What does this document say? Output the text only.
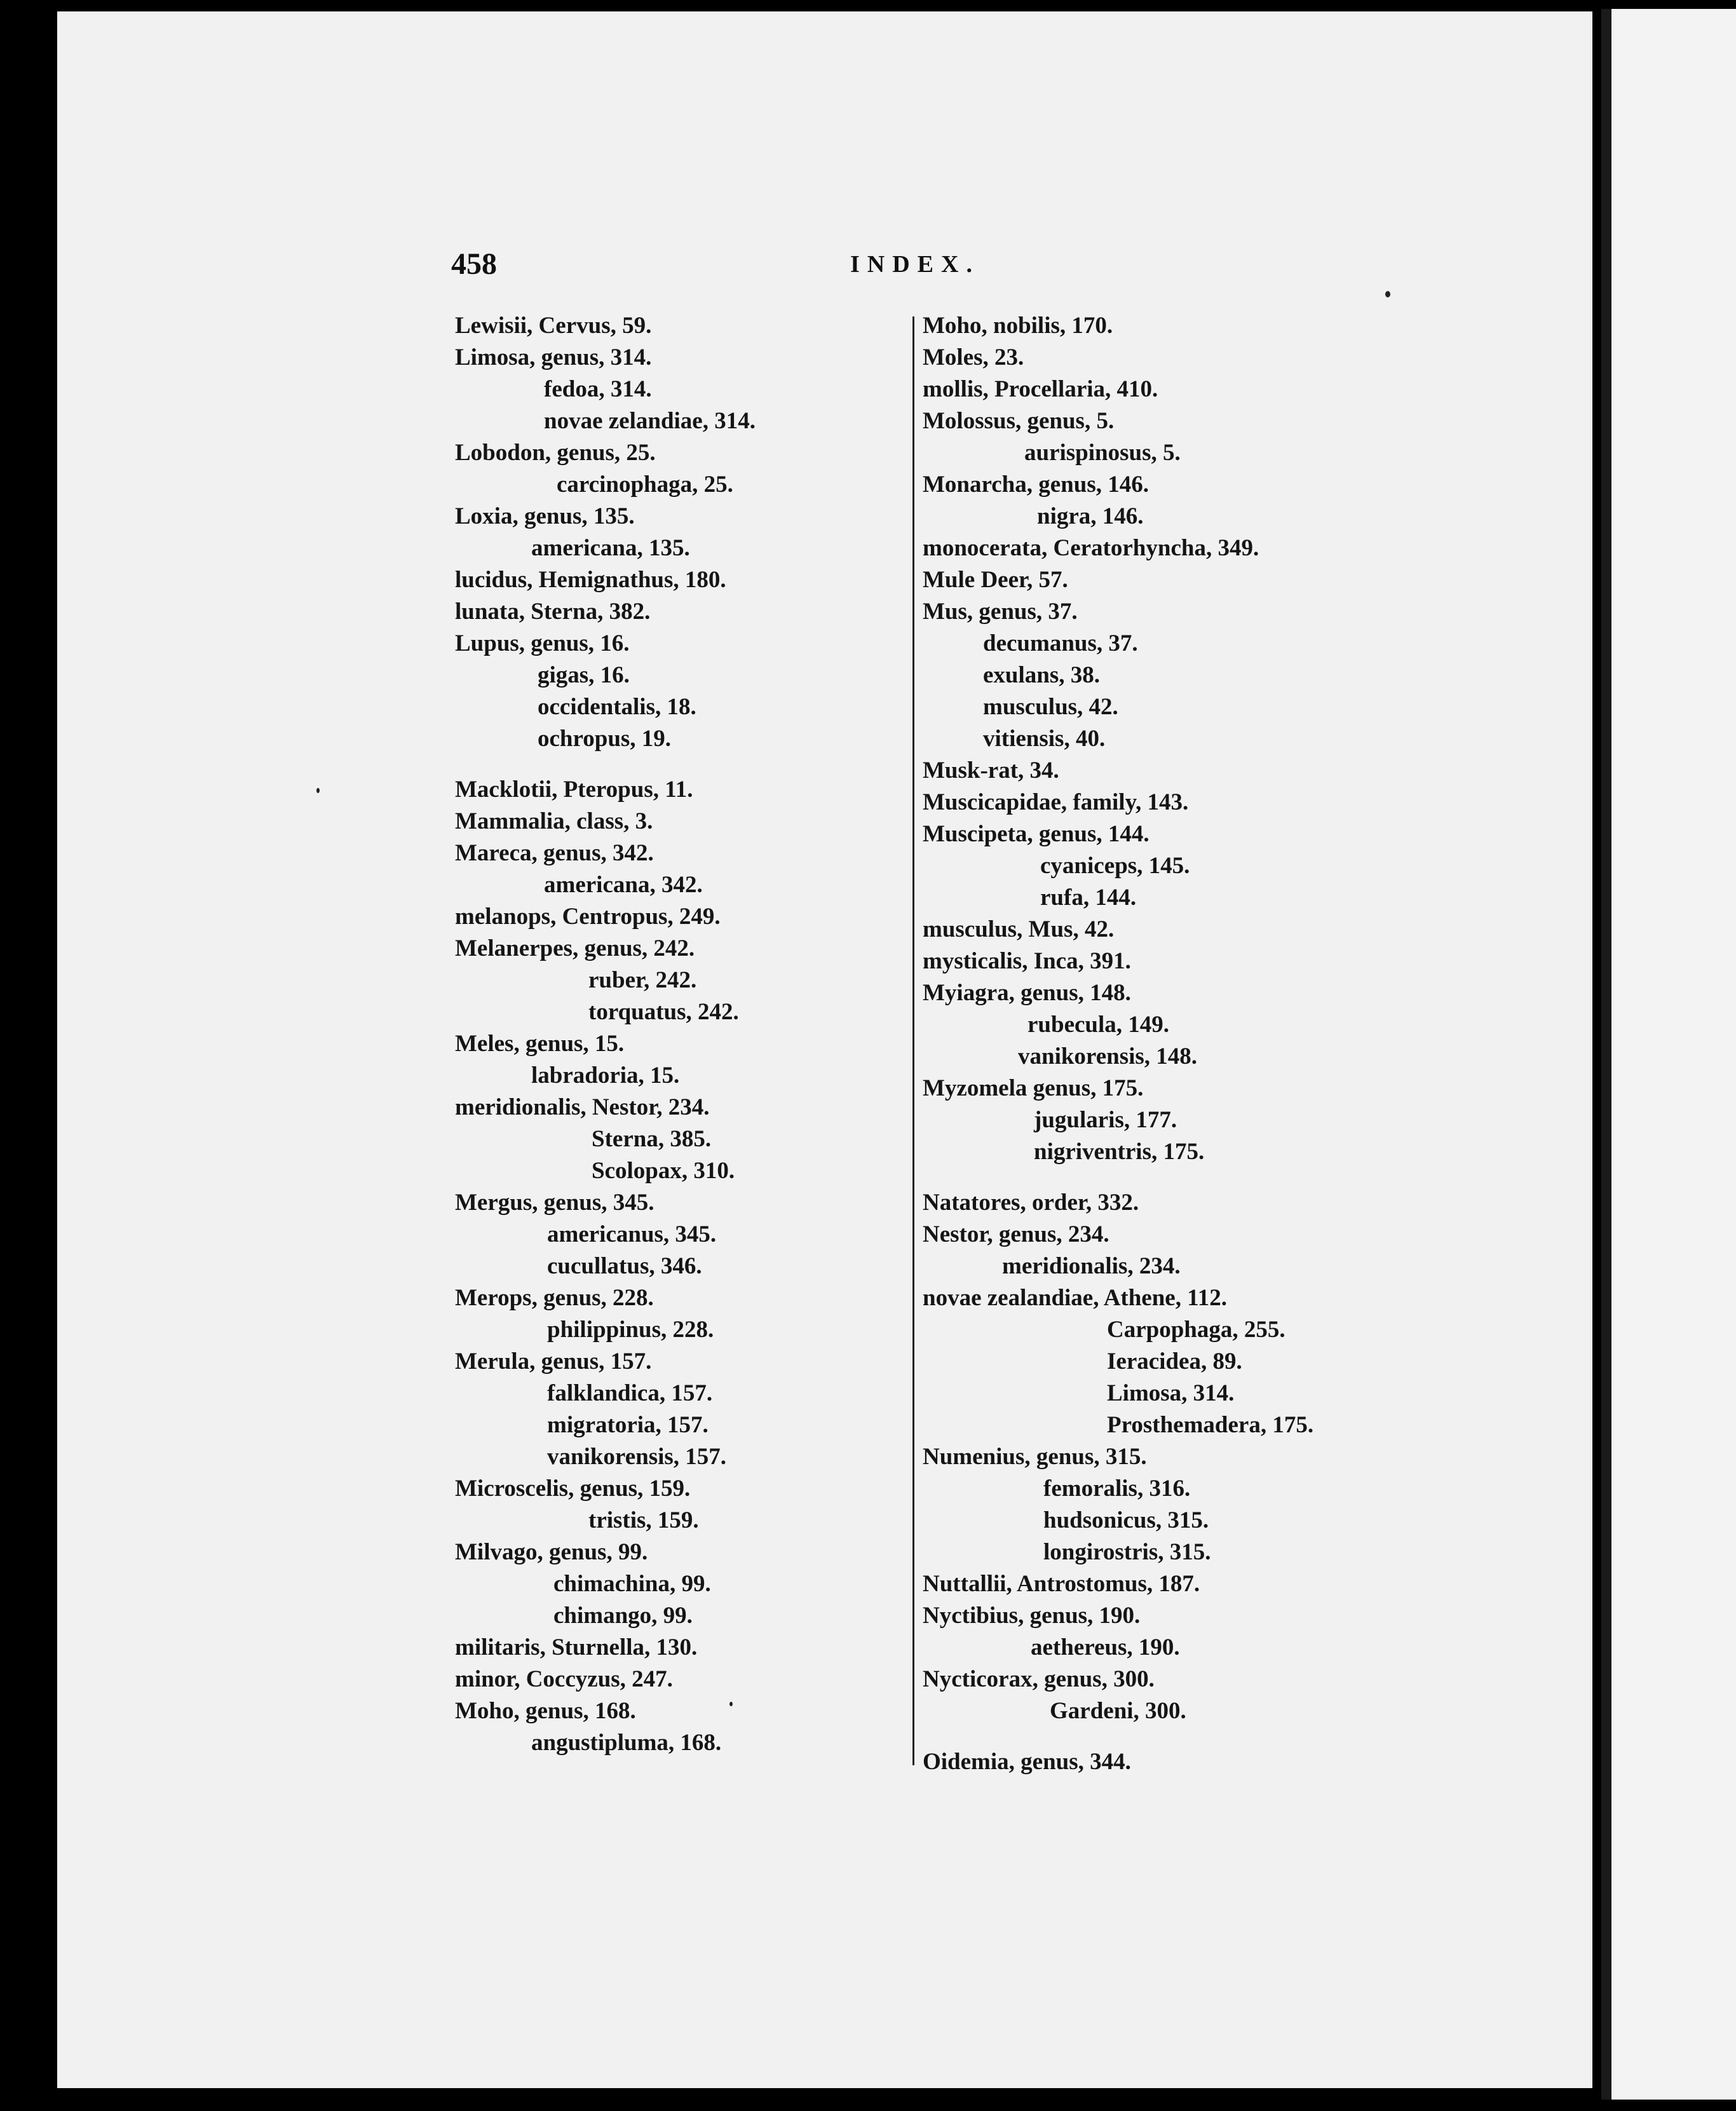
458	INDEX.
Lewisii, Cervus, 59.
Limosa, genus, 314.
fedoa, 314.
novae zelandiae, 314.
Lobodon, genus, 25.
carcinophaga, 25.
Loxia, genus, 135.
americana, 135.
lucidus, Hemignathus, 180.
lunata, Sterna, 382.
Lupus, genus, 16.
gigas, 16.
occidentalis, 18.
ochropus, 19.
Macklotii, Pteropus, 11.
Mammalia, class, 3.
Mareca, genus, 342.
americana, 342.
melanops, Centropus, 249.
Melanerpes, genus, 242.
ruber, 242.
torquatus, 242.
Meles, genus, 15.
labradoria, 15.
meridionalis, Nestor, 234.
Sterna, 385.
Scolopax, 310.
Mergus, genus, 345.
americanus, 345.
cucullatus, 346.
Merops, genus, 228.
philippinus, 228.
Merula, genus, 157.
falklandica, 157.
migratoria, 157.
vanikorensis, 157.
Microscelis, genus, 159.
tristis, 159.
Milvago, genus, 99.
chimachina, 99.
chimango, 99.
militaris, Sturnella, 130.
minor, Coccyzus, 247.
Moho, genus, 168.
angustipluma, 168.
Moho, nobilis, 170.
Moles, 23.
mollis, Procellaria, 410.
Molossus, genus, 5.
aurispinosus, 5.
Monarcha, genus, 146.
nigra, 146.
monocerata, Ceratorhyncha, 349.
Mule Deer, 57.
Mus, genus, 37.
decumanus, 37.
exulans, 38.
musculus, 42.
vitiensis, 40.
Musk-rat, 34.
Muscicapidae, family, 143.
Muscipeta, genus, 144.
cyaniceps, 145.
rufa, 144.
musculus, Mus, 42.
mysticalis, Inca, 391.
Myiagra, genus, 148.
rubecula, 149.
vanikorensis, 148.
Myzomela genus, 175.
jugularis, 177.
nigriventris, 175.
Natatores, order, 332.
Nestor, genus, 234.
meridionalis, 234.
novae zealandiae, Athene, 112.
Carpophaga, 255.
Ieracidea, 89.
Limosa, 314.
Prosthemadera, 175.
Numenius, genus, 315.
femoralis, 316.
hudsonicus, 315.
longirostris, 315.
Nuttallii, Antrostomus, 187.
Nyctibius, genus, 190.
aethereus, 190.
Nycticorax, genus, 300.
Gardeni, 300.
Oidemia, genus, 344.
